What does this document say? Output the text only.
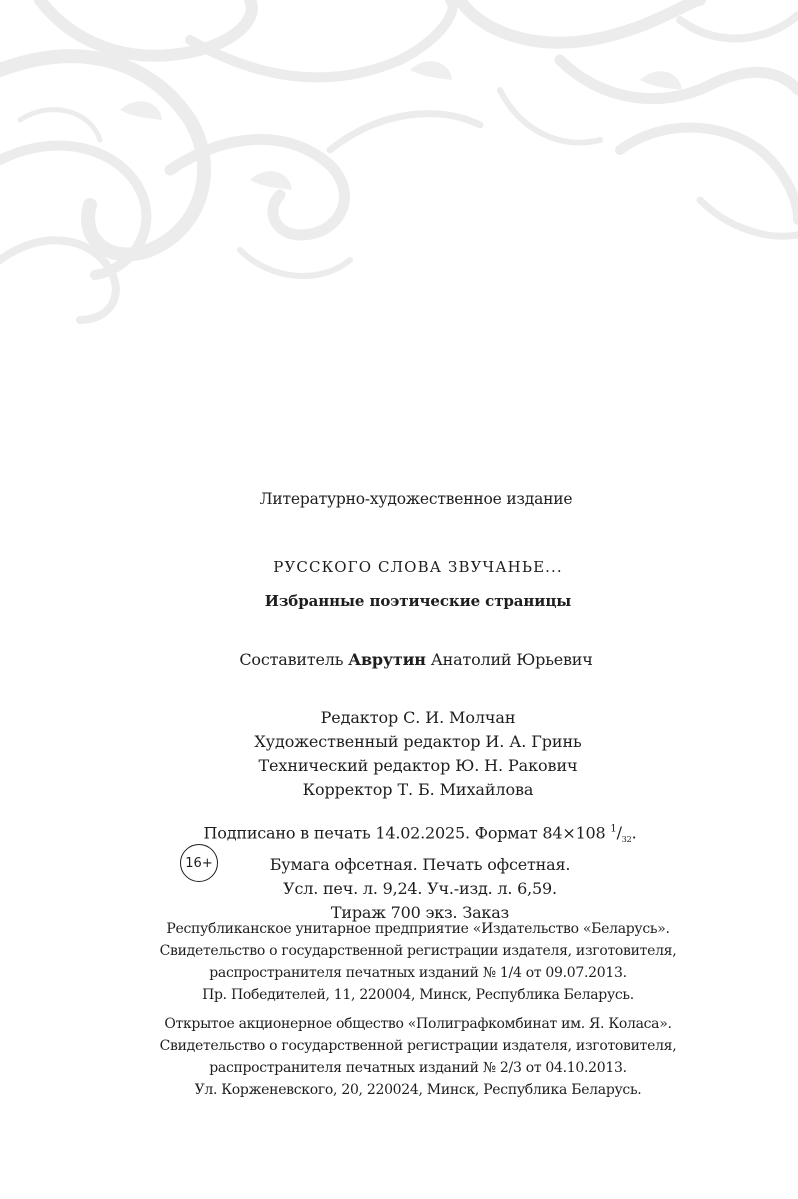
Литературно-художественное издание
РУССКОГО СЛОВА ЗВУЧАНЬЕ...
Избранные поэтические страницы
Составитель Аврутин Анатолий Юрьевич
Редактор С. И. Молчан
Художественный редактор И. А. Гринь
Технический редактор Ю. Н. Ракович
Корректор Т. Б. Михайлова
Подписано в печать 14.02.2025. Формат 84×108 $^1/_{32}$.
Бумага офсетная. Печать офсетная.
Усл. печ. л. 9,24. Уч.-изд. л. 6,59.
Тираж 700 экз. Заказ
16+
Республиканское унитарное предприятие «Издательство «Беларусь».
Свидетельство о государственной регистрации издателя, изготовителя,
распространителя печатных изданий № 1/4 от 09.07.2013.
Пр. Победителей, 11, 220004, Минск, Республика Беларусь.
Открытое акционерное общество «Полиграфкомбинат им. Я. Коласа».
Свидетельство о государственной регистрации издателя, изготовителя,
распространителя печатных изданий № 2/3 от 04.10.2013.
Ул. Корженевского, 20, 220024, Минск, Республика Беларусь.
